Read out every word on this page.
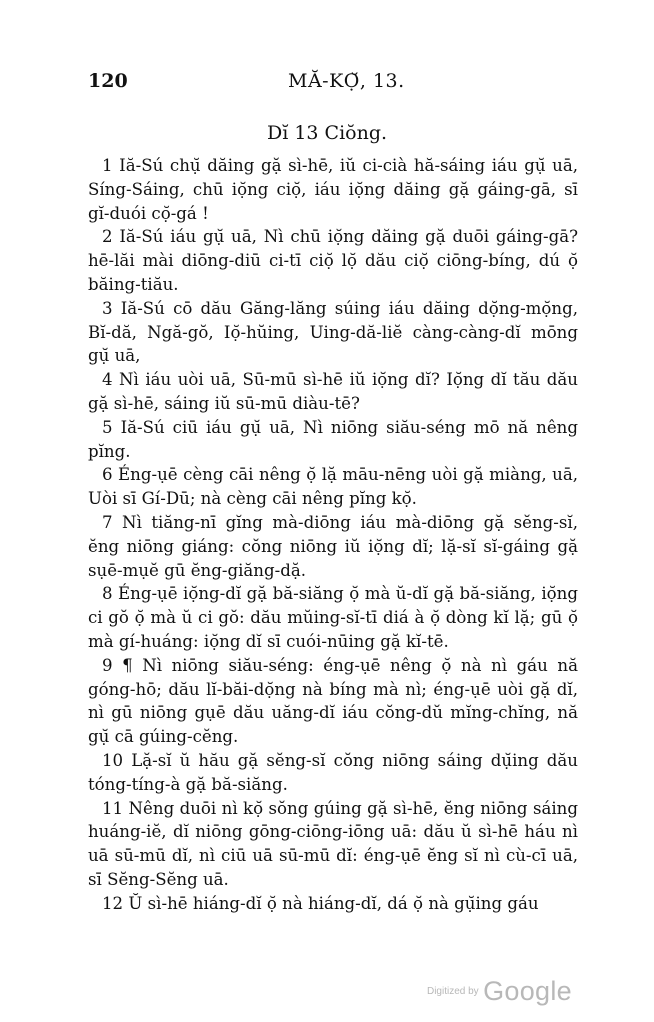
120	MĂ-KỌ̆, 13.
Dĭ 13 Ciŏng.

1 Iă-Sú chụ̆ dăing gặ sì-hē, iŭ ci-cià hă-sáing iáu gụ̆ uā, Síng-Sáing, chū iọ̆ng ciọ̆, iáu iọ̆ng dăing gặ gáing-gā, sī gĭ-duói cọ̆-gá !

2 Iă-Sú iáu gụ̆ uā, Nì chū iọ̆ng dăing gặ duōi gáing-gā? hē-lăi mài diōng-diū ci-tī ciọ̆ lọ̆ dău ciọ̆ ciōng-bíng, dú ọ̆ băing-tiău.

3 Iă-Sú cō dău Găng-lăng súing iáu dăing dọ̆ng-mọ̆ng, Bĭ-dă, Ngă-gŏ, Iọ̆-hŭing, Uing-dă-liĕ càng-càng-dĭ mōng gụ̆ uā,

4 Nì iáu uòi uā, Sū-mū sì-hē iŭ iọ̆ng dĭ? Iọ̆ng dĭ tău dău gặ sì-hē, sáing iŭ sū-mū diàu-tē?

5 Iă-Sú ciū iáu gụ̆ uā, Nì niōng siău-séng mō nă nêng pĭng.

6 Éng-ụē cèng cāi nêng ọ̆ lặ māu-nēng uòi gặ miàng, uā, Uòi sī Gí-Dū; nà cèng cāi nêng pĭng kọ̆.

7 Nì tiăng-nī gĭng mà-diōng iáu mà-diōng gặ sĕng-sĭ, ĕng niōng giáng: cŏng niōng iŭ iọ̆ng dĭ; lặ-sĭ sĭ-gáing gặ sụē-mụĕ gū ĕng-giăng-dặ.

8 Éng-ụē iọ̆ng-dĭ gặ bă-siăng ọ̆ mà ŭ-dĭ gặ bă-siăng, iọ̆ng ci gŏ ọ̆ mà ŭ ci gŏ: dău mŭing-sĭ-tī diá à ọ̆ dòng kĭ lặ; gū ọ̆ mà gí-huáng: iọ̆ng dĭ sī cuói-nūing gặ kĭ-tē.

9 ¶ Nì niōng siău-séng: éng-ụē nêng ọ̆ nà nì gáu nă góng-hō; dău lĭ-băi-dọ̆ng nà bíng mà nì; éng-ụē uòi gặ dĭ, nì gū niōng gụē dău uăng-dĭ iáu cŏng-dŭ mĭng-chĭng, nă gụ̆ cā gúing-cĕng.

10 Lặ-sĭ ŭ hău gặ sĕng-sĭ cŏng niōng sáing dụ̆ing dău tóng-tíng-à gặ bă-siăng.

11 Nêng duōi nì kọ̆ sŏng gúing gặ sì-hē, ĕng niōng sáing huáng-iĕ, dĭ niōng gōng-ciōng-iōng uā: dău ŭ sì-hē háu nì uā sū-mū dĭ, nì ciū uā sū-mū dĭ: éng-ụē ĕng sĭ nì cù-cī uā, sī Sĕng-Sĕng uā.

12 Ŭ sì-hē hiáng-dĭ ọ̆ nà hiáng-dĭ, dá ọ̆ nà gụ̆ing gáu

Digitized by Google
